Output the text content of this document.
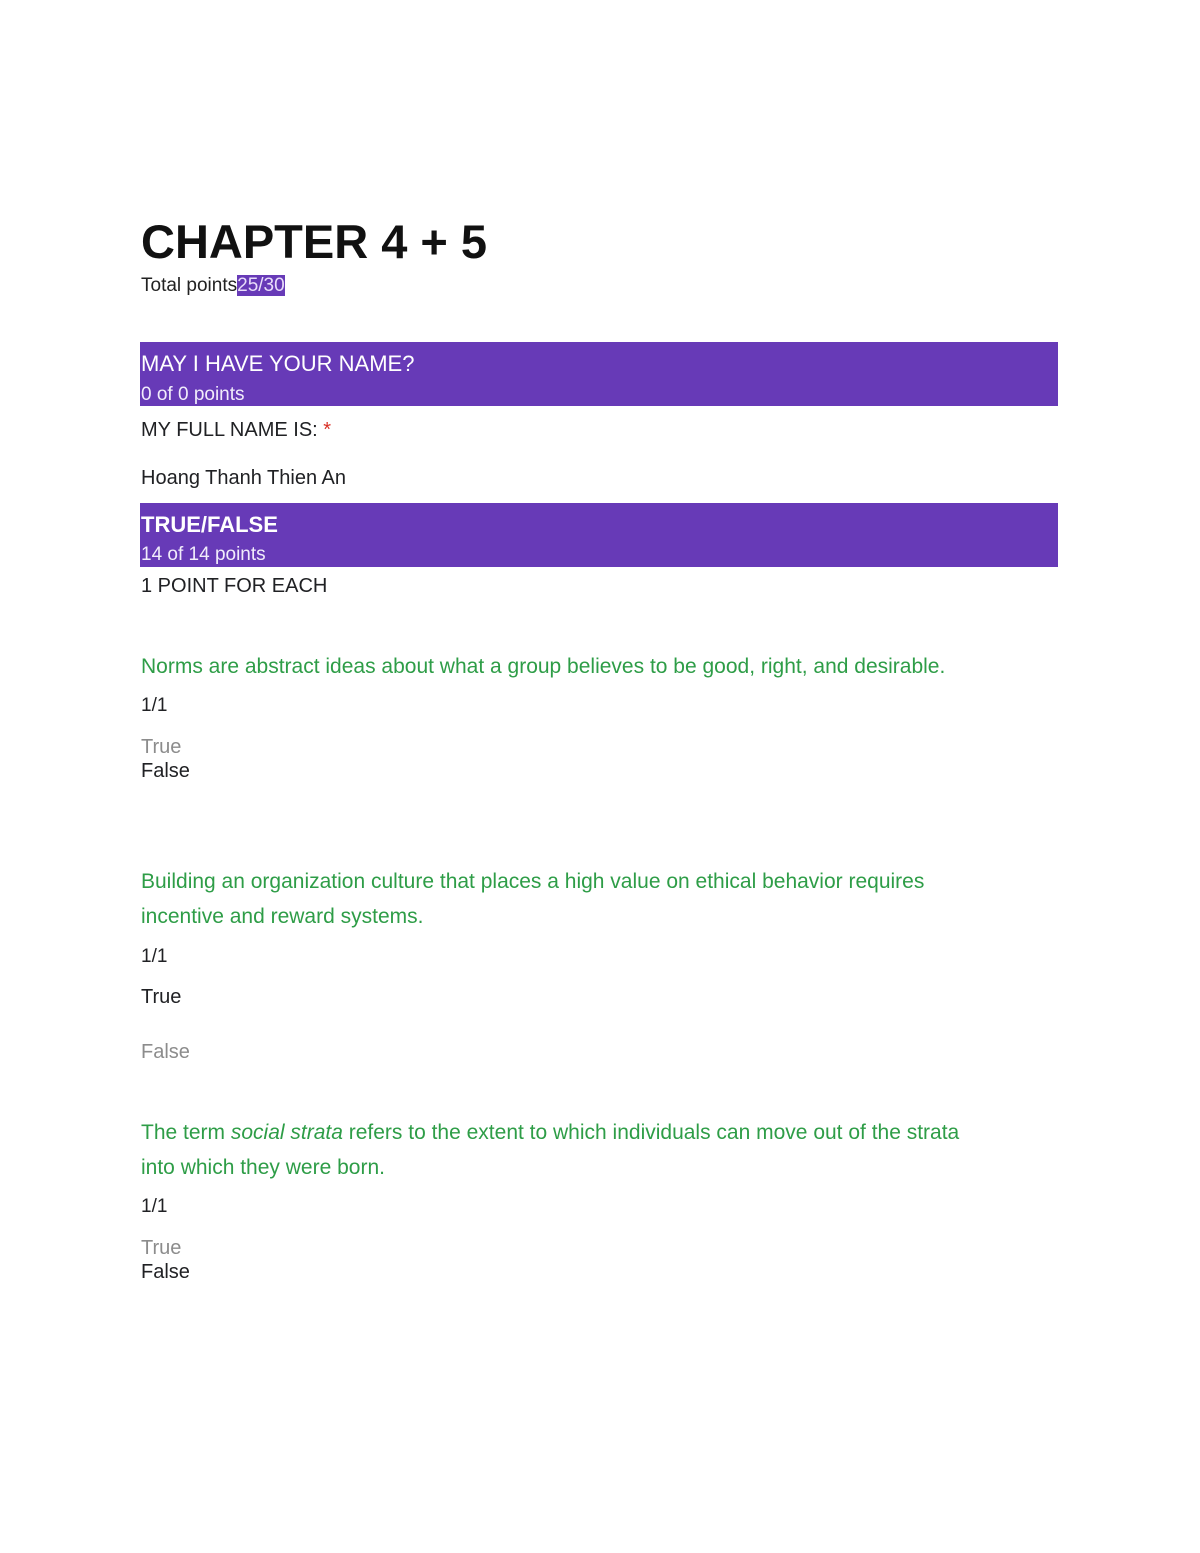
CHAPTER 4 + 5
Total points25/30
MAY I HAVE YOUR NAME?
0 of 0 points
MY FULL NAME IS: *
Hoang Thanh Thien An
TRUE/FALSE
14 of 14 points
1 POINT FOR EACH
Norms are abstract ideas about what a group believes to be good, right, and desirable.
1/1
True
False
Building an organization culture that places a high value on ethical behavior requires
incentive and reward systems.
1/1
True
False
The term social strata refers to the extent to which individuals can move out of the strata
into which they were born.
1/1
True
False
